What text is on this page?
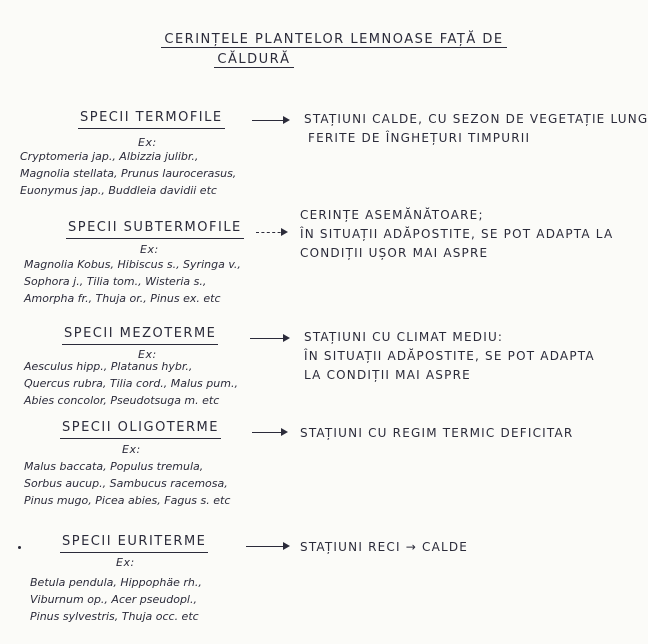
CERINȚELE PLANTELOR LEMNOASE FAȚĂ DE
CĂLDURĂ
SPECII TERMOFILE
Ex:
Cryptomeria jap., Albizzia julibr.,
Magnolia stellata, Prunus laurocerasus,
Euonymus jap., Buddleia davidii etc
STAȚIUNI CALDE, CU SEZON DE VEGETAȚIE LUNG
FERITE DE ÎNGHEȚURI TIMPURII
SPECII SUBTERMOFILE
Ex:
Magnolia Kobus, Hibiscus s., Syringa v.,
Sophora j., Tilia tom., Wisteria s.,
Amorpha fr., Thuja or., Pinus ex. etc
CERINȚE ASEMĂNĂTOARE;
ÎN SITUAȚII ADĂPOSTITE, SE POT ADAPTA LA
CONDIȚII UȘOR MAI ASPRE
SPECII MEZOTERME
Ex:
Aesculus hipp., Platanus hybr.,
Quercus rubra, Tilia cord., Malus pum.,
Abies concolor, Pseudotsuga m. etc
STAȚIUNI CU CLIMAT MEDIU:
ÎN SITUAȚII ADĂPOSTITE, SE POT ADAPTA
LA CONDIȚII MAI ASPRE
SPECII OLIGOTERME
Ex:
Malus baccata, Populus tremula,
Sorbus aucup., Sambucus racemosa,
Pinus mugo, Picea abies, Fagus s. etc
STAȚIUNI CU REGIM TERMIC DEFICITAR
SPECII EURITERME
Ex:
Betula pendula, Hippophäe rh.,
Viburnum op., Acer pseudopl.,
Pinus sylvestris, Thuja occ. etc
STAȚIUNI RECI → CALDE
